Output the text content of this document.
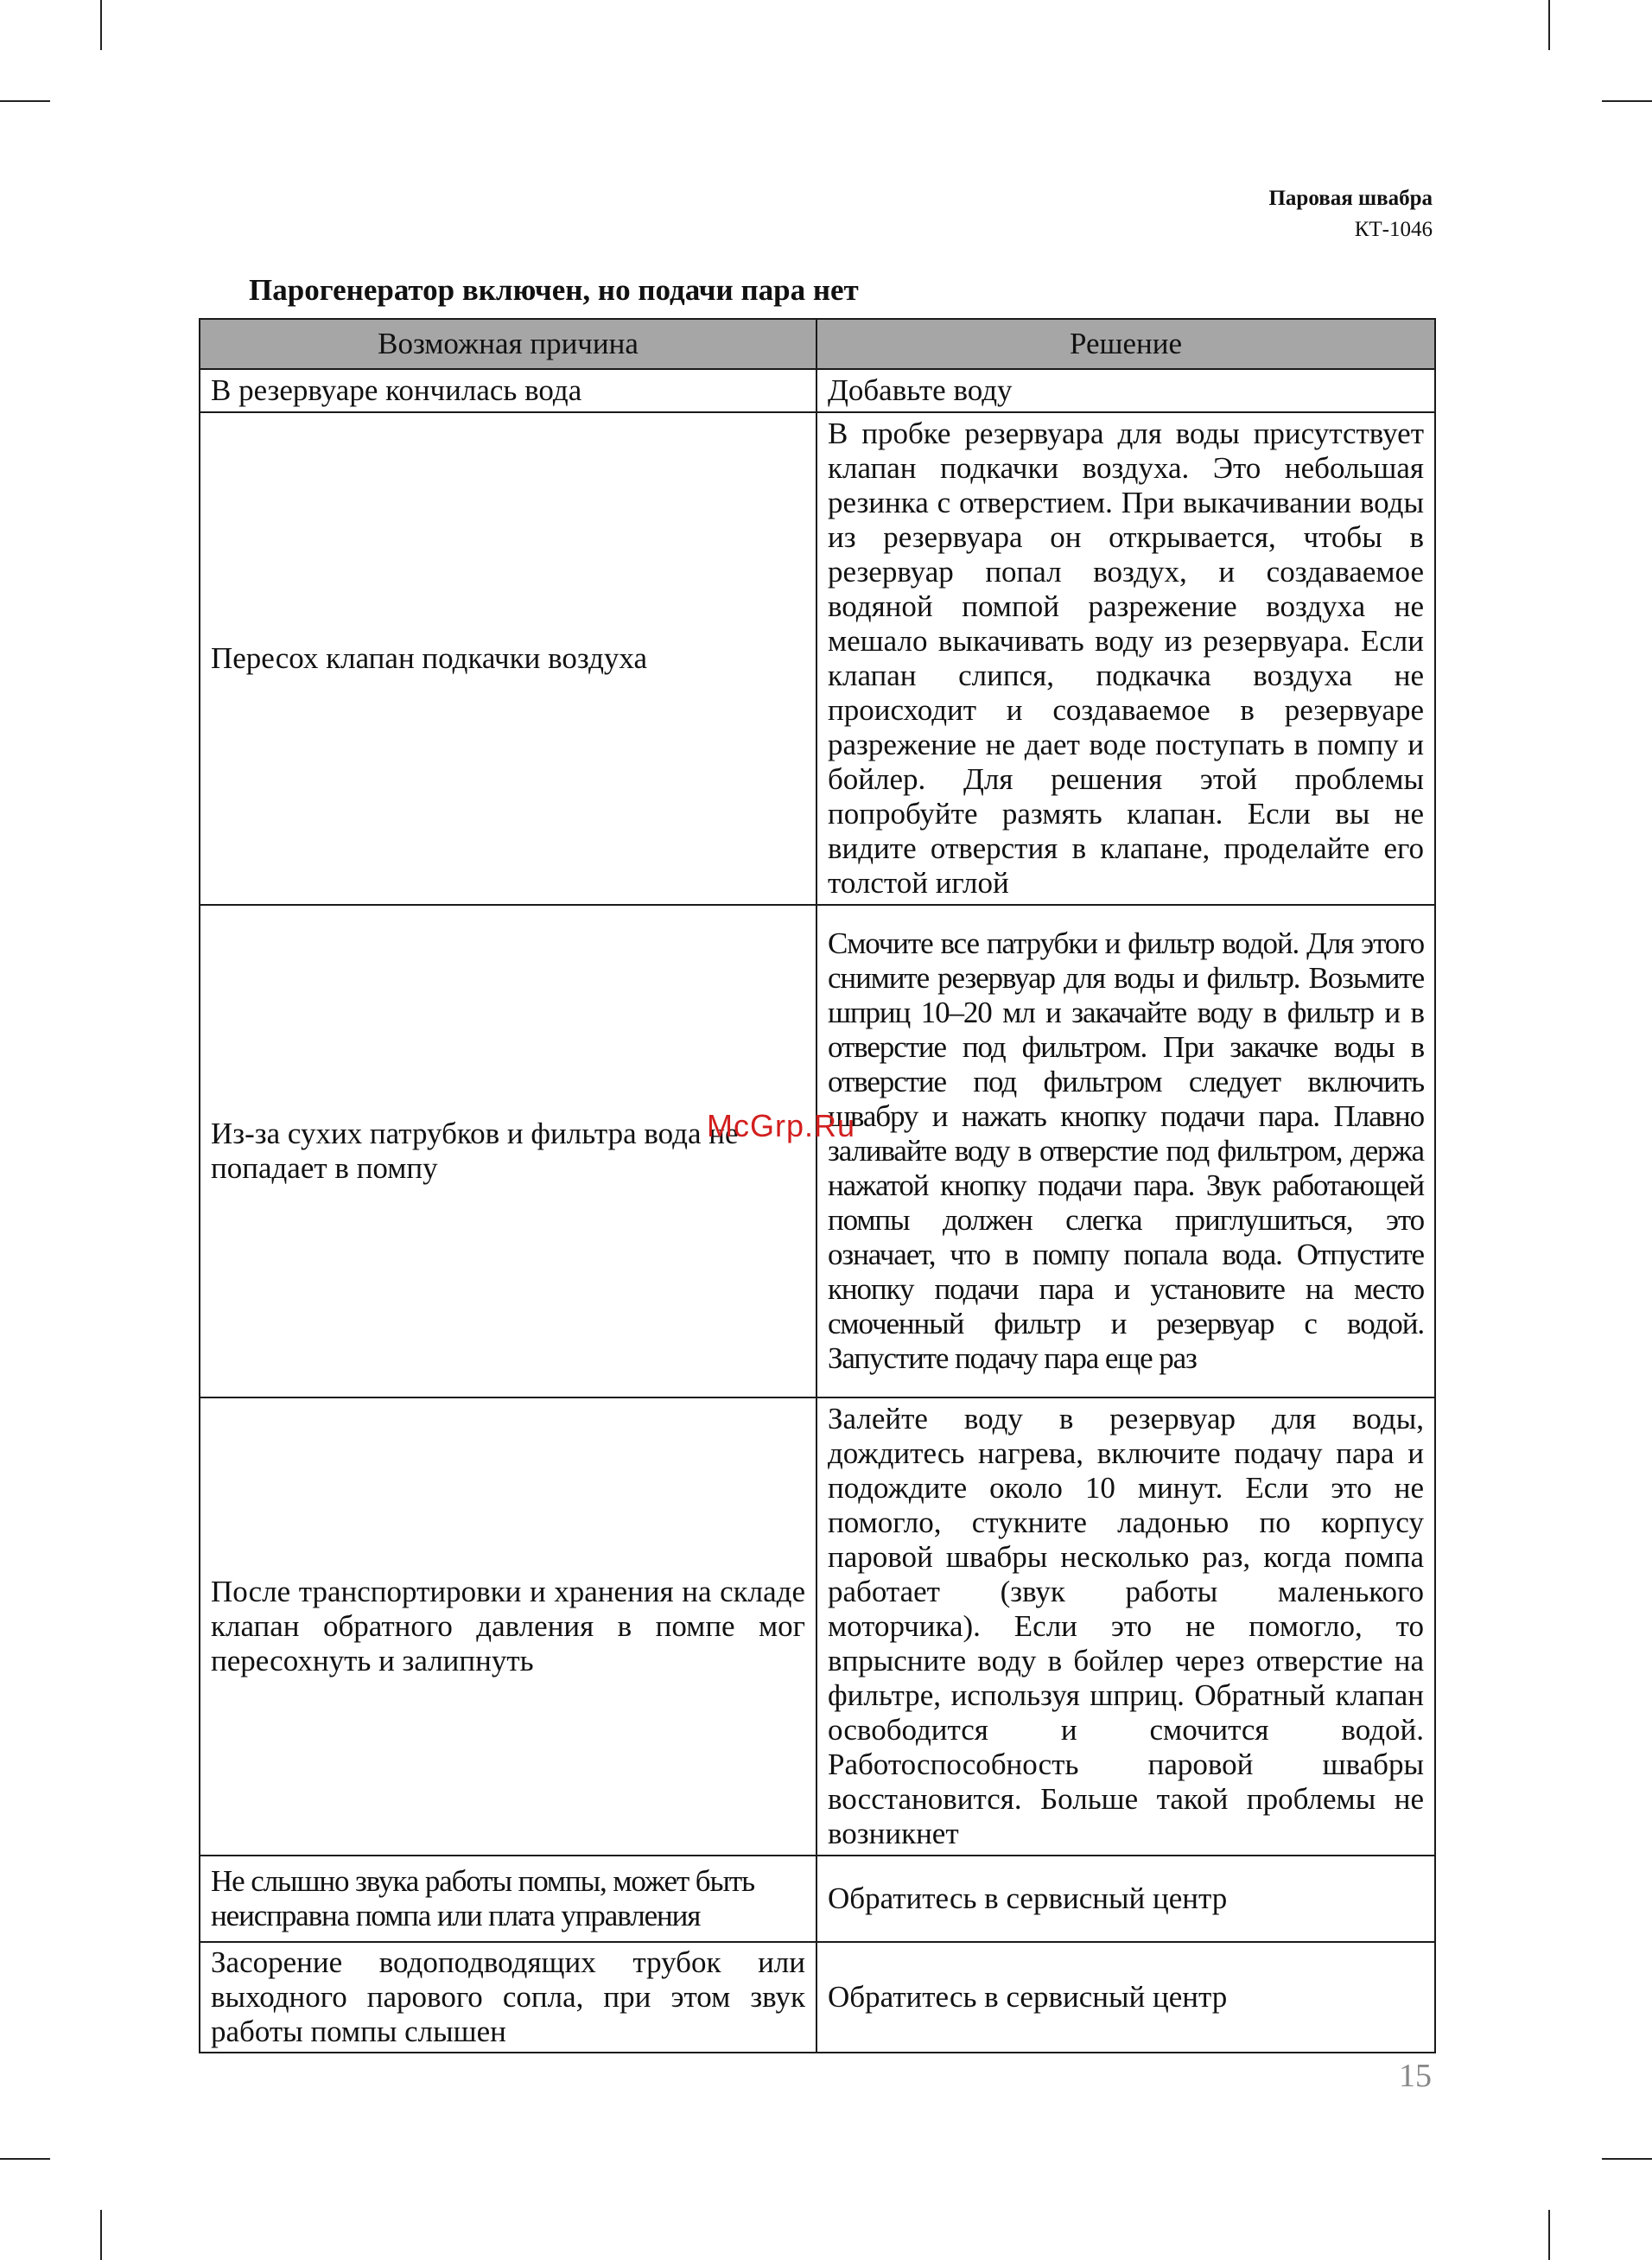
Паровая швабра
КТ-1046
Парогенератор включен, но подачи пара нет
Возможная причина	Решение
В резервуаре кончилась вода	Добавьте воду
Пересох клапан подкачки воздуха	В пробке резервуара для воды присутствует клапан подкачки воздуха. Это небольшая резинка с отверстием. При выкачивании воды из резервуара он открывается, чтобы в резервуар попал воздух, и создаваемое водяной помпой разрежение воздуха не мешало выкачивать воду из резервуара. Если клапан слипся, подкачка воздуха не происходит и создаваемое в резервуаре разрежение не дает воде поступать в помпу и бойлер. Для решения этой проблемы попробуйте размять клапан. Если вы не видите отверстия в клапане, проделайте его толстой иглой
Из-за сухих патрубков и фильтра вода не попадает в помпу	Смочите все патрубки и фильтр водой. Для этого снимите резервуар для воды и фильтр. Возьмите шприц 10–20 мл и закачайте воду в фильтр и в отверстие под фильтром. При закачке воды в отверстие под фильтром следует включить швабру и нажать кнопку подачи пара. Плавно заливайте воду в отверстие под фильтром, держа нажатой кнопку подачи пара. Звук работающей помпы должен слегка приглушиться, это означает, что в помпу попала вода. Отпустите кнопку подачи пара и установите на место смоченный фильтр и резервуар с водой. Запустите подачу пара еще раз
После транспортировки и хранения на складе клапан обратного давления в помпе мог пересохнуть и залипнуть	Залейте воду в резервуар для воды, дождитесь нагрева, включите подачу пара и подождите около 10 минут. Если это не помогло, стукните ладонью по корпусу паровой швабры несколько раз, когда помпа работает (звук работы маленького моторчика). Если это не помогло, то впрысните воду в бойлер через отверстие на фильтре, используя шприц. Обратный клапан освободится и смочится водой. Работоспособность паровой швабры восстановится. Больше такой проблемы не возникнет
Не слышно звука работы помпы, может быть неисправна помпа или плата управления	Обратитесь в сервисный центр
Засорение водоподводящих трубок или выходного парового сопла, при этом звук работы помпы слышен	Обратитесь в сервисный центр
McGrp.Ru
15
